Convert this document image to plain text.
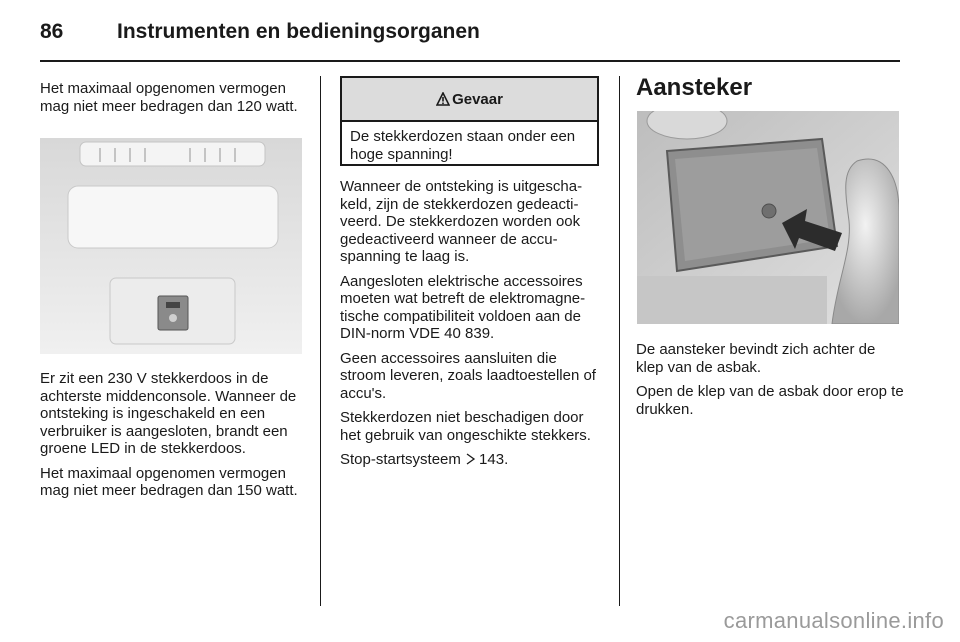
86	Instrumenten en bedieningsorganen

Het maximaal opgenomen vermogen mag niet meer bedragen dan 120 watt.

Er zit een 230 V stekkerdoos in de achterste middenconsole. Wanneer de ontsteking is ingeschakeld en een verbruiker is aangesloten, brandt een groene LED in de stekkerdoos.

Het maximaal opgenomen vermogen mag niet meer bedragen dan 150 watt.

Gevaar
De stekkerdozen staan onder een hoge spanning!

Wanneer de ontsteking is uitgescha-keld, zijn de stekkerdozen gedeacti-veerd. De stekkerdozen worden ook gedeactiveerd wanneer de accu-spanning te laag is.

Aangesloten elektrische accessoires moeten wat betreft de elektromagne-tische compatibiliteit voldoen aan de DIN-norm VDE 40 839.

Geen accessoires aansluiten die stroom leveren, zoals laadtoestellen of accu's.

Stekkerdozen niet beschadigen door het gebruik van ongeschikte stekkers.

Stop-startsysteem 143.

Aansteker

De aansteker bevindt zich achter de klep van de asbak.

Open de klep van de asbak door erop te drukken.

carmanualsonline.info
